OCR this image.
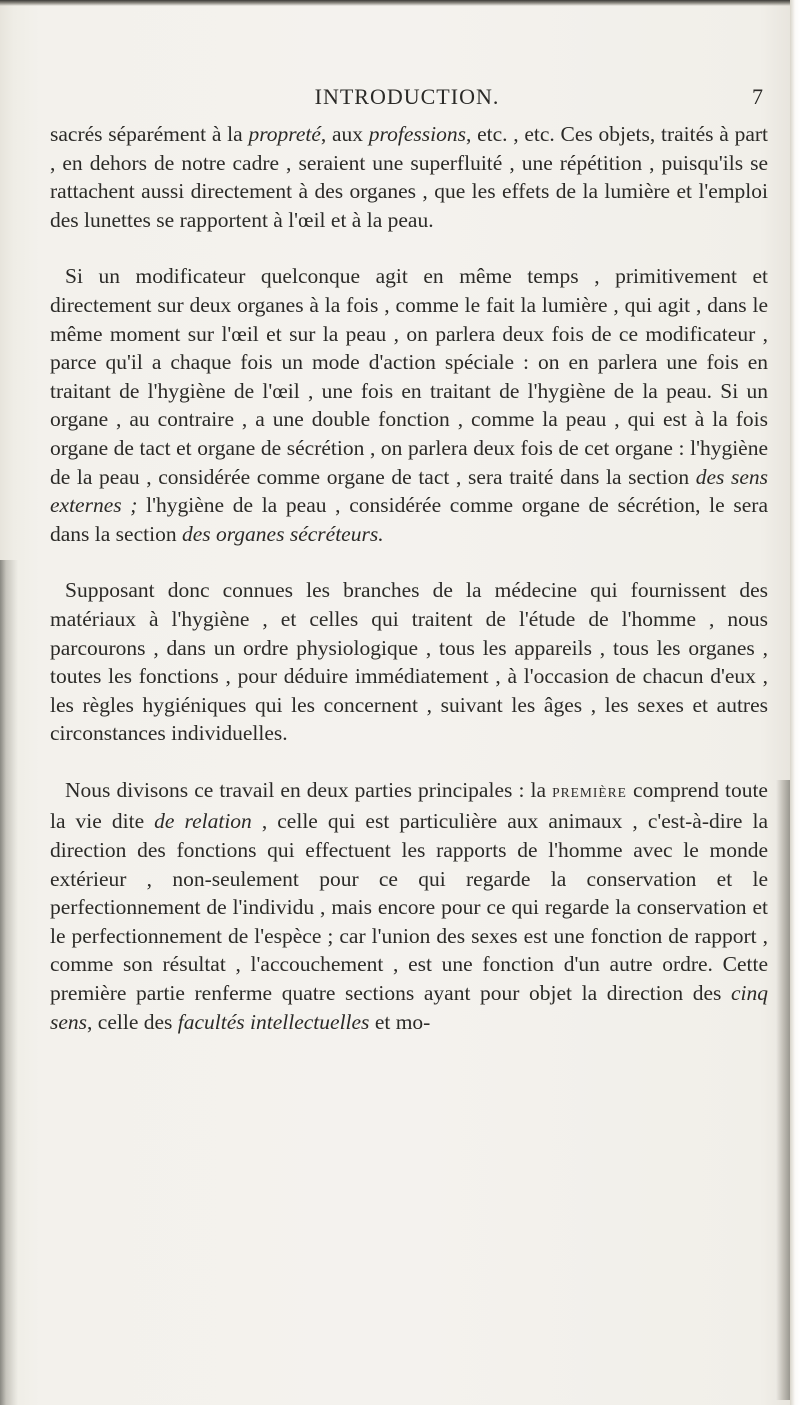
INTRODUCTION.	7

sacrés séparément à la propreté, aux professions, etc. , etc. Ces objets, traités à part , en dehors de notre cadre , seraient une superfluité , une répétition , puisqu'ils se rattachent aussi directement à des organes , que les effets de la lumière et l'emploi des lunettes se rapportent à l'œil et à la peau.

Si un modificateur quelconque agit en même temps , primitivement et directement sur deux organes à la fois , comme le fait la lumière , qui agit , dans le même moment sur l'œil et sur la peau , on parlera deux fois de ce modificateur , parce qu'il a chaque fois un mode d'action spéciale : on en parlera une fois en traitant de l'hygiène de l'œil , une fois en traitant de l'hygiène de la peau. Si un organe , au contraire , a une double fonction , comme la peau , qui est à la fois organe de tact et organe de sécrétion , on parlera deux fois de cet organe : l'hygiène de la peau , considérée comme organe de tact , sera traité dans la section des sens externes ; l'hygiène de la peau , considérée comme organe de sécrétion, le sera dans la section des organes sécréteurs.

Supposant donc connues les branches de la médecine qui fournissent des matériaux à l'hygiène , et celles qui traitent de l'étude de l'homme , nous parcourons , dans un ordre physiologique , tous les appareils , tous les organes , toutes les fonctions , pour déduire immédiatement , à l'occasion de chacun d'eux , les règles hygiéniques qui les concernent , suivant les âges , les sexes et autres circonstances individuelles.

Nous divisons ce travail en deux parties principales : la PREMIÈRE comprend toute la vie dite de relation , celle qui est particulière aux animaux , c'est-à-dire la direction des fonctions qui effectuent les rapports de l'homme avec le monde extérieur , non-seulement pour ce qui regarde la conservation et le perfectionnement de l'individu , mais encore pour ce qui regarde la conservation et le perfectionnement de l'espèce ; car l'union des sexes est une fonction de rapport , comme son résultat , l'accouchement , est une fonction d'un autre ordre. Cette première partie renferme quatre sections ayant pour objet la direction des cinq sens, celle des facultés intellectuelles et mo-
